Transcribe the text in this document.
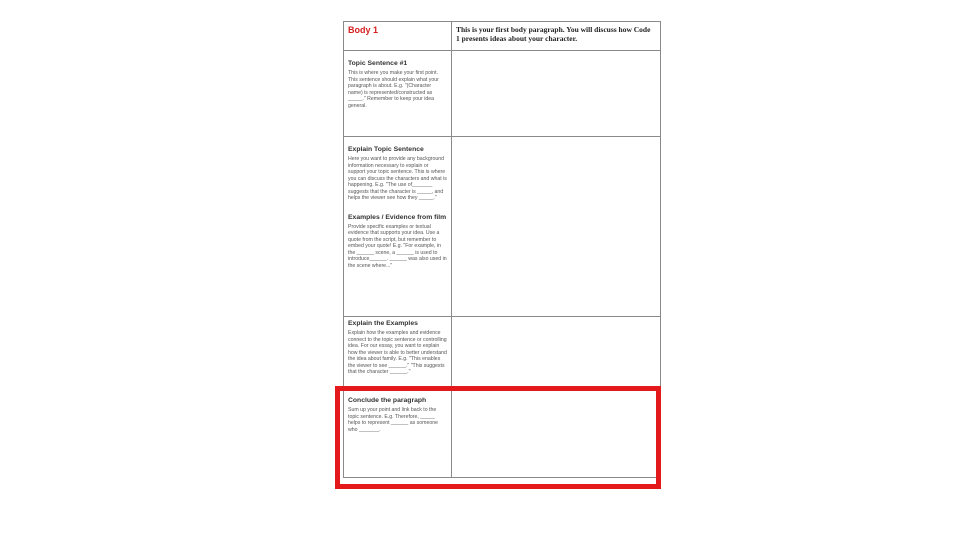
Body 1	This is your first body paragraph. You will discuss how Code 1 presents ideas about your character.

Topic Sentence #1
This is where you make your first point. This sentence should explain what your paragraph is about. E.g. "(Character name) is represented/constructed as _____." Remember to keep your idea general.	

Explain Topic Sentence
Here you want to provide any background information necessary to explain or support your topic sentence. This is where you can discuss the characters and what is happening. E.g. "The use of_______ suggests that the character is _____, and helps the viewer see how they _____."
Examples / Evidence from film
Provide specific examples or textual evidence that supports your idea. Use a quote from the script, but remember to embed your quote! E.g. "For example, in the ______ scene, a ______ is used to introduce______. ______ was also used in the scene where..."	

Explain the Examples
Explain how the examples and evidence connect to the topic sentence or controlling idea. For our essay, you want to explain how the viewer is able to better understand the idea about family. E.g. "This enables the viewer to see ______." "This suggests that the character ______."	

Conclude the paragraph
Sum up your point and link back to the topic sentence. E.g. Therefore, _____ helps to represent ______ as someone who _______.	
